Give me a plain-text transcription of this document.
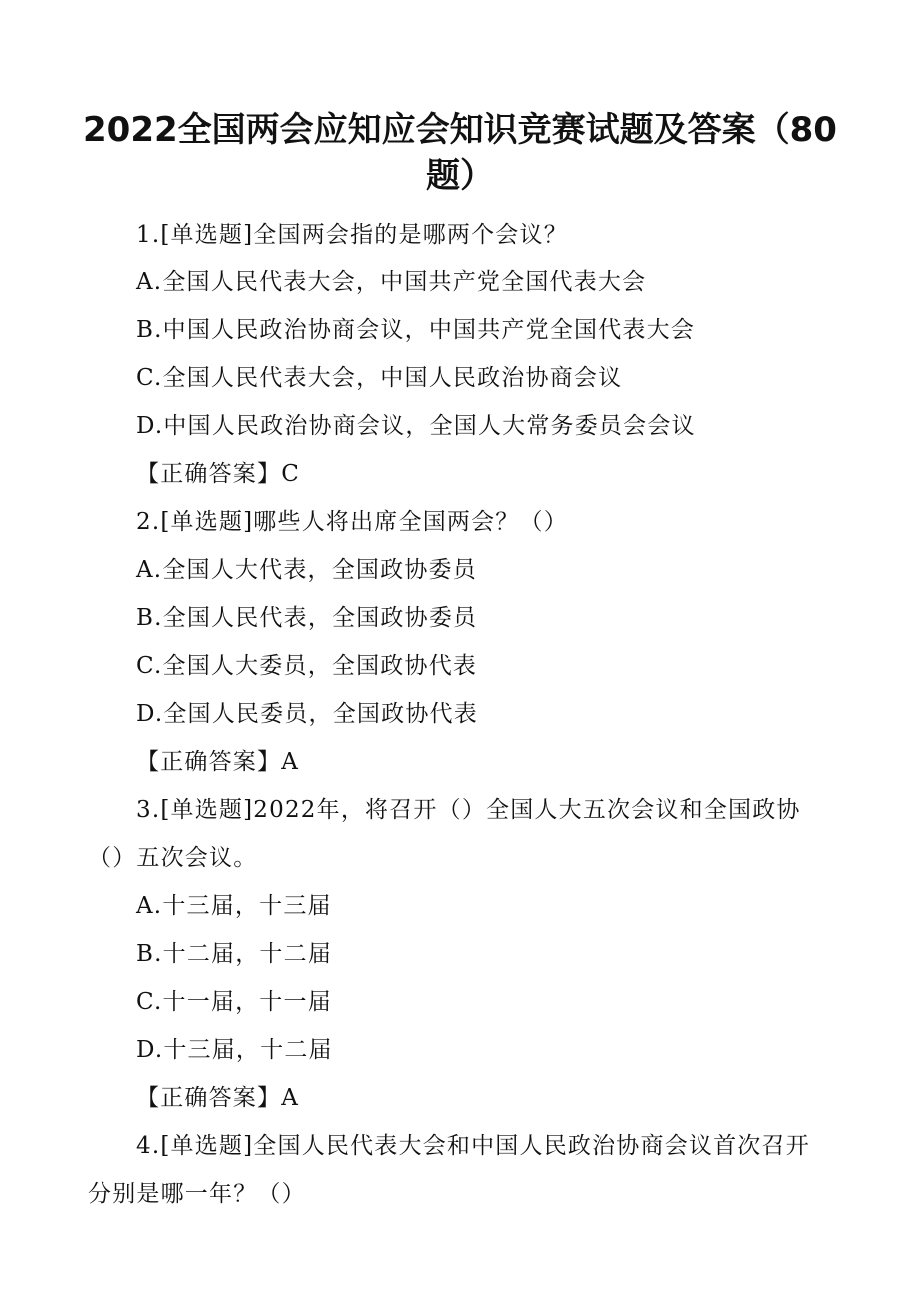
2022全国两会应知应会知识竞赛试题及答案（80
题）
1.[单选题]全国两会指的是哪两个会议？
A.全国人民代表大会，中国共产党全国代表大会
B.中国人民政治协商会议，中国共产党全国代表大会
C.全国人民代表大会，中国人民政治协商会议
D.中国人民政治协商会议，全国人大常务委员会会议
【正确答案】C
2.[单选题]哪些人将出席全国两会？（）
A.全国人大代表，全国政协委员
B.全国人民代表，全国政协委员
C.全国人大委员，全国政协代表
D.全国人民委员，全国政协代表
【正确答案】A
3.[单选题]2022年，将召开（）全国人大五次会议和全国政协
（）五次会议。
A.十三届，十三届
B.十二届，十二届
C.十一届，十一届
D.十三届，十二届
【正确答案】A
4.[单选题]全国人民代表大会和中国人民政治协商会议首次召开
分别是哪一年？（）
